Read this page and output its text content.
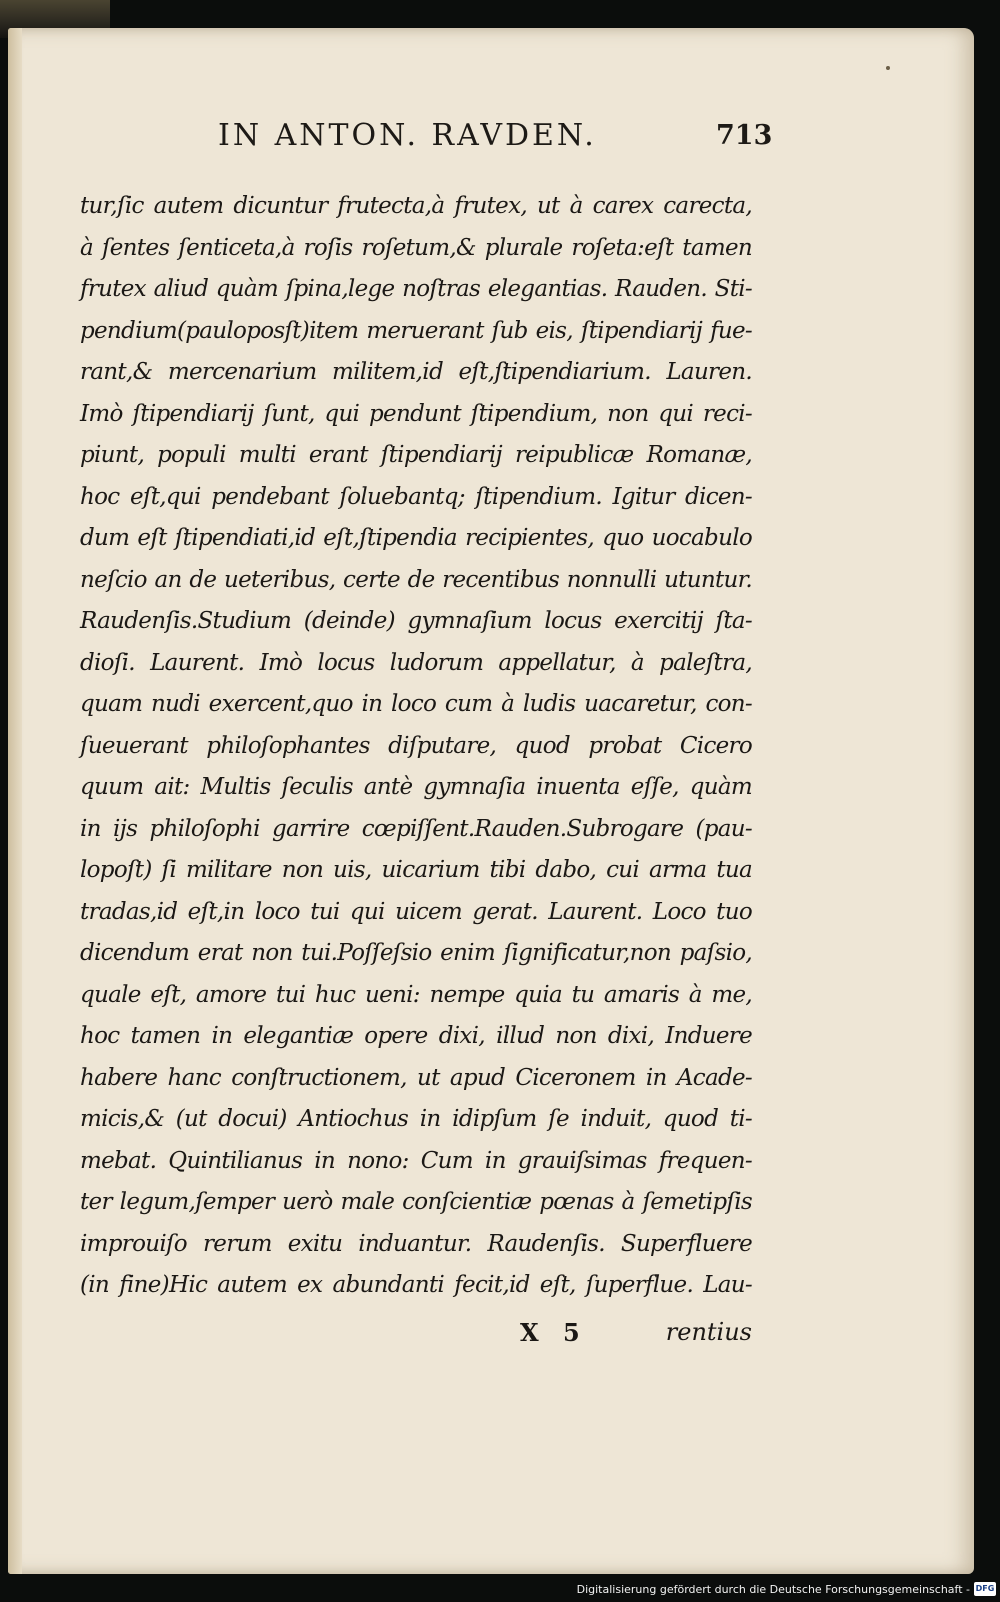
IN ANTON. RAVDEN.	713
tur,ſic autem dicuntur frutecta,à frutex, ut à carex carecta,
à ſentes ſenticeta,à roſis roſetum,& plurale roſeta:eſt tamen
frutex aliud quàm ſpina,lege noſtras elegantias. Rauden. Sti-
pendium(pauloposſt)item meruerant ſub eis, ſtipendiarij fue-
rant,& mercenarium militem,id eſt,ſtipendiarium. Lauren.
Imò ſtipendiarij ſunt, qui pendunt ſtipendium, non qui reci-
piunt, populi multi erant ſtipendiarij reipublicæ Romanæ,
hoc eſt,qui pendebant ſoluebantq; ſtipendium. Igitur dicen-
dum eſt ſtipendiati,id eſt,ſtipendia recipientes, quo uocabulo
neſcio an de ueteribus, certe de recentibus nonnulli utuntur.
Raudenſis.Studium (deinde) gymnaſium locus exercitij ſta-
dioſi. Laurent. Imò locus ludorum appellatur, à paleſtra,
quam nudi exercent,quo in loco cum à ludis uacaretur, con-
ſueuerant philoſophantes diſputare, quod probat Cicero
quum ait: Multis ſeculis antè gymnaſia inuenta eſſe, quàm
in ijs philoſophi garrire cœpiſſent.Rauden.Subrogare (pau-
lopoſt) ſi militare non uis, uicarium tibi dabo, cui arma tua
tradas,id eſt,in loco tui qui uicem gerat. Laurent. Loco tuo
dicendum erat non tui.Poſſeſsio enim ſignificatur,non paſsio,
quale eſt, amore tui huc ueni: nempe quia tu amaris à me,
hoc tamen in elegantiæ opere dixi, illud non dixi, Induere
habere hanc conſtructionem, ut apud Ciceronem in Acade-
micis,& (ut docui) Antiochus in idipſum ſe induit, quod ti-
mebat. Quintilianus in nono: Cum in grauiſsimas frequen-
ter legum,ſemper uerò male conſcientiæ pœnas à ſemetipſis
improuiſo rerum exitu induantur. Raudenſis. Superfluere
(in fine)Hic autem ex abundanti fecit,id eſt, ſuperflue. Lau-
X 5	rentius
Digitalisierung gefördert durch die Deutsche Forschungsgemeinschaft - DFG
